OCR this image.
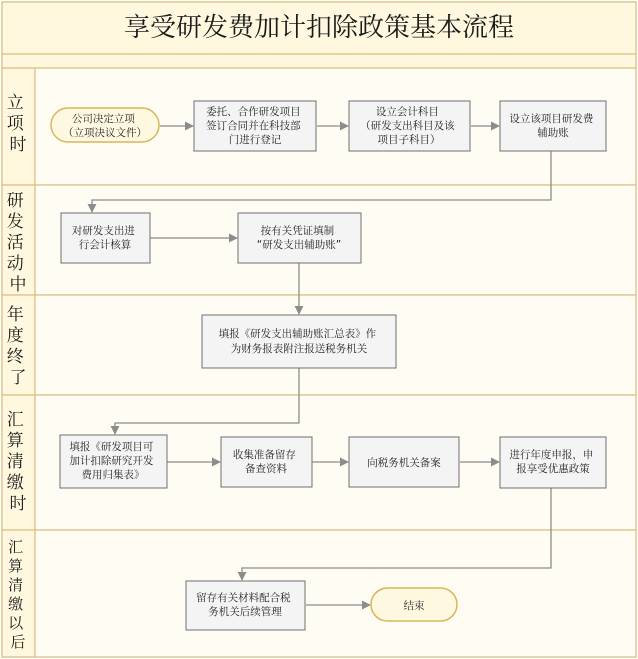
享受研发费加计扣除政策基本流程
立 项 时
研 发 活 动 中
年 度 终 了
汇 算 清 缴 时
汇 算 清 缴 以 后
公司决定立项 （立项决议文件）
委托、合作研发项目 签订合同并在科技部 门进行登记
设立会计科目 （研发支出科目及该 项目子科目）
设立该项目研发费 辅助账
对研发支出进 行会计核算
按有关凭证填制 “研发支出辅助账”
填报《研发支出辅助账汇总表》作 为财务报表附注报送税务机关
填报《研发项目可 加计扣除研究开发 费用归集表》
收集准备留存 备查资料	向税务机关备案
进行年度申报，申 报享受优惠政策
留存有关材料配合税 务机关后续管理	结束
